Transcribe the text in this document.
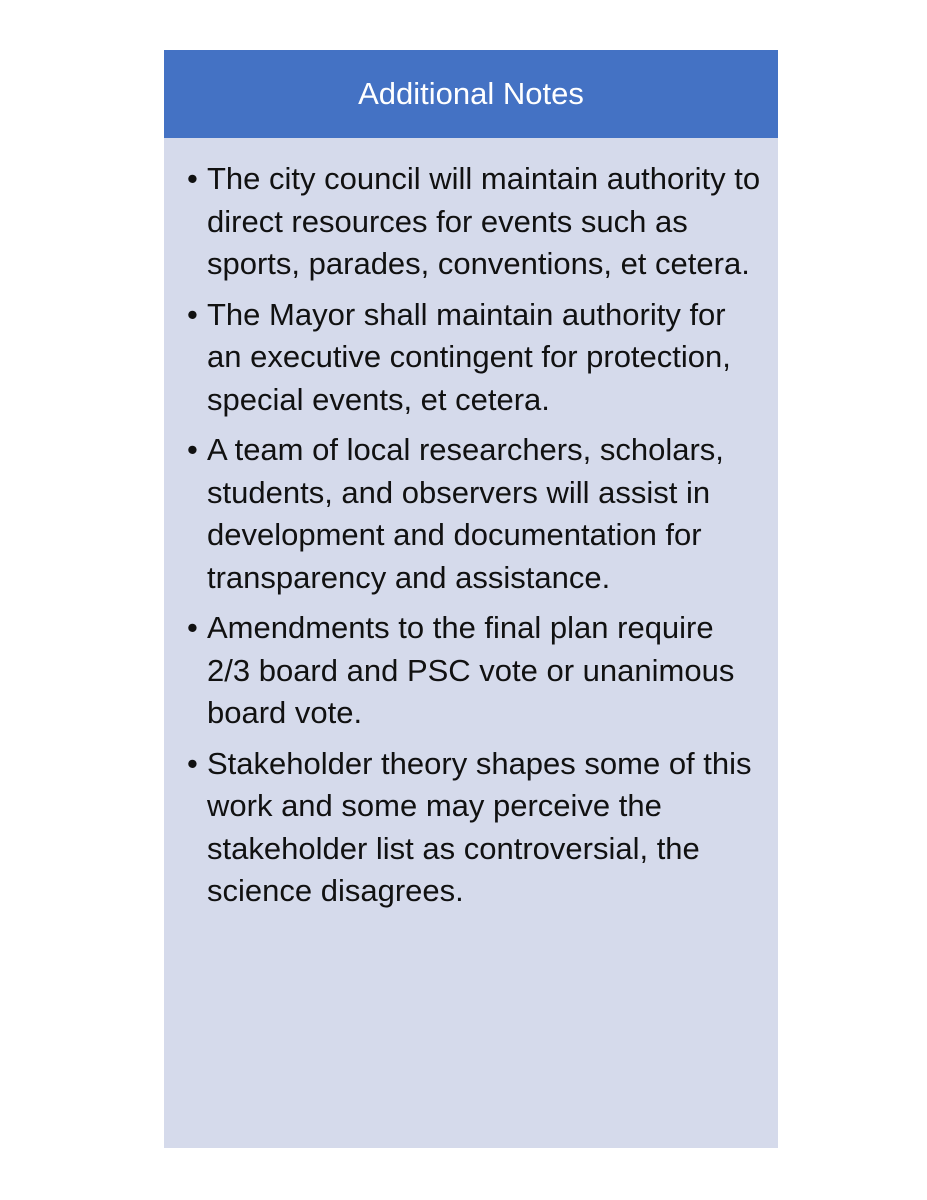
Additional Notes
• The city council will maintain authority to direct resources for events such as sports, parades, conventions, et cetera.
• The Mayor shall maintain authority for an executive contingent for protection, special events, et cetera.
• A team of local researchers, scholars, students, and observers will assist in development and documentation for transparency and assistance.
• Amendments to the final plan require 2/3 board and PSC vote or unanimous board vote.
• Stakeholder theory shapes some of this work and some may perceive the stakeholder list as controversial, the science disagrees.
